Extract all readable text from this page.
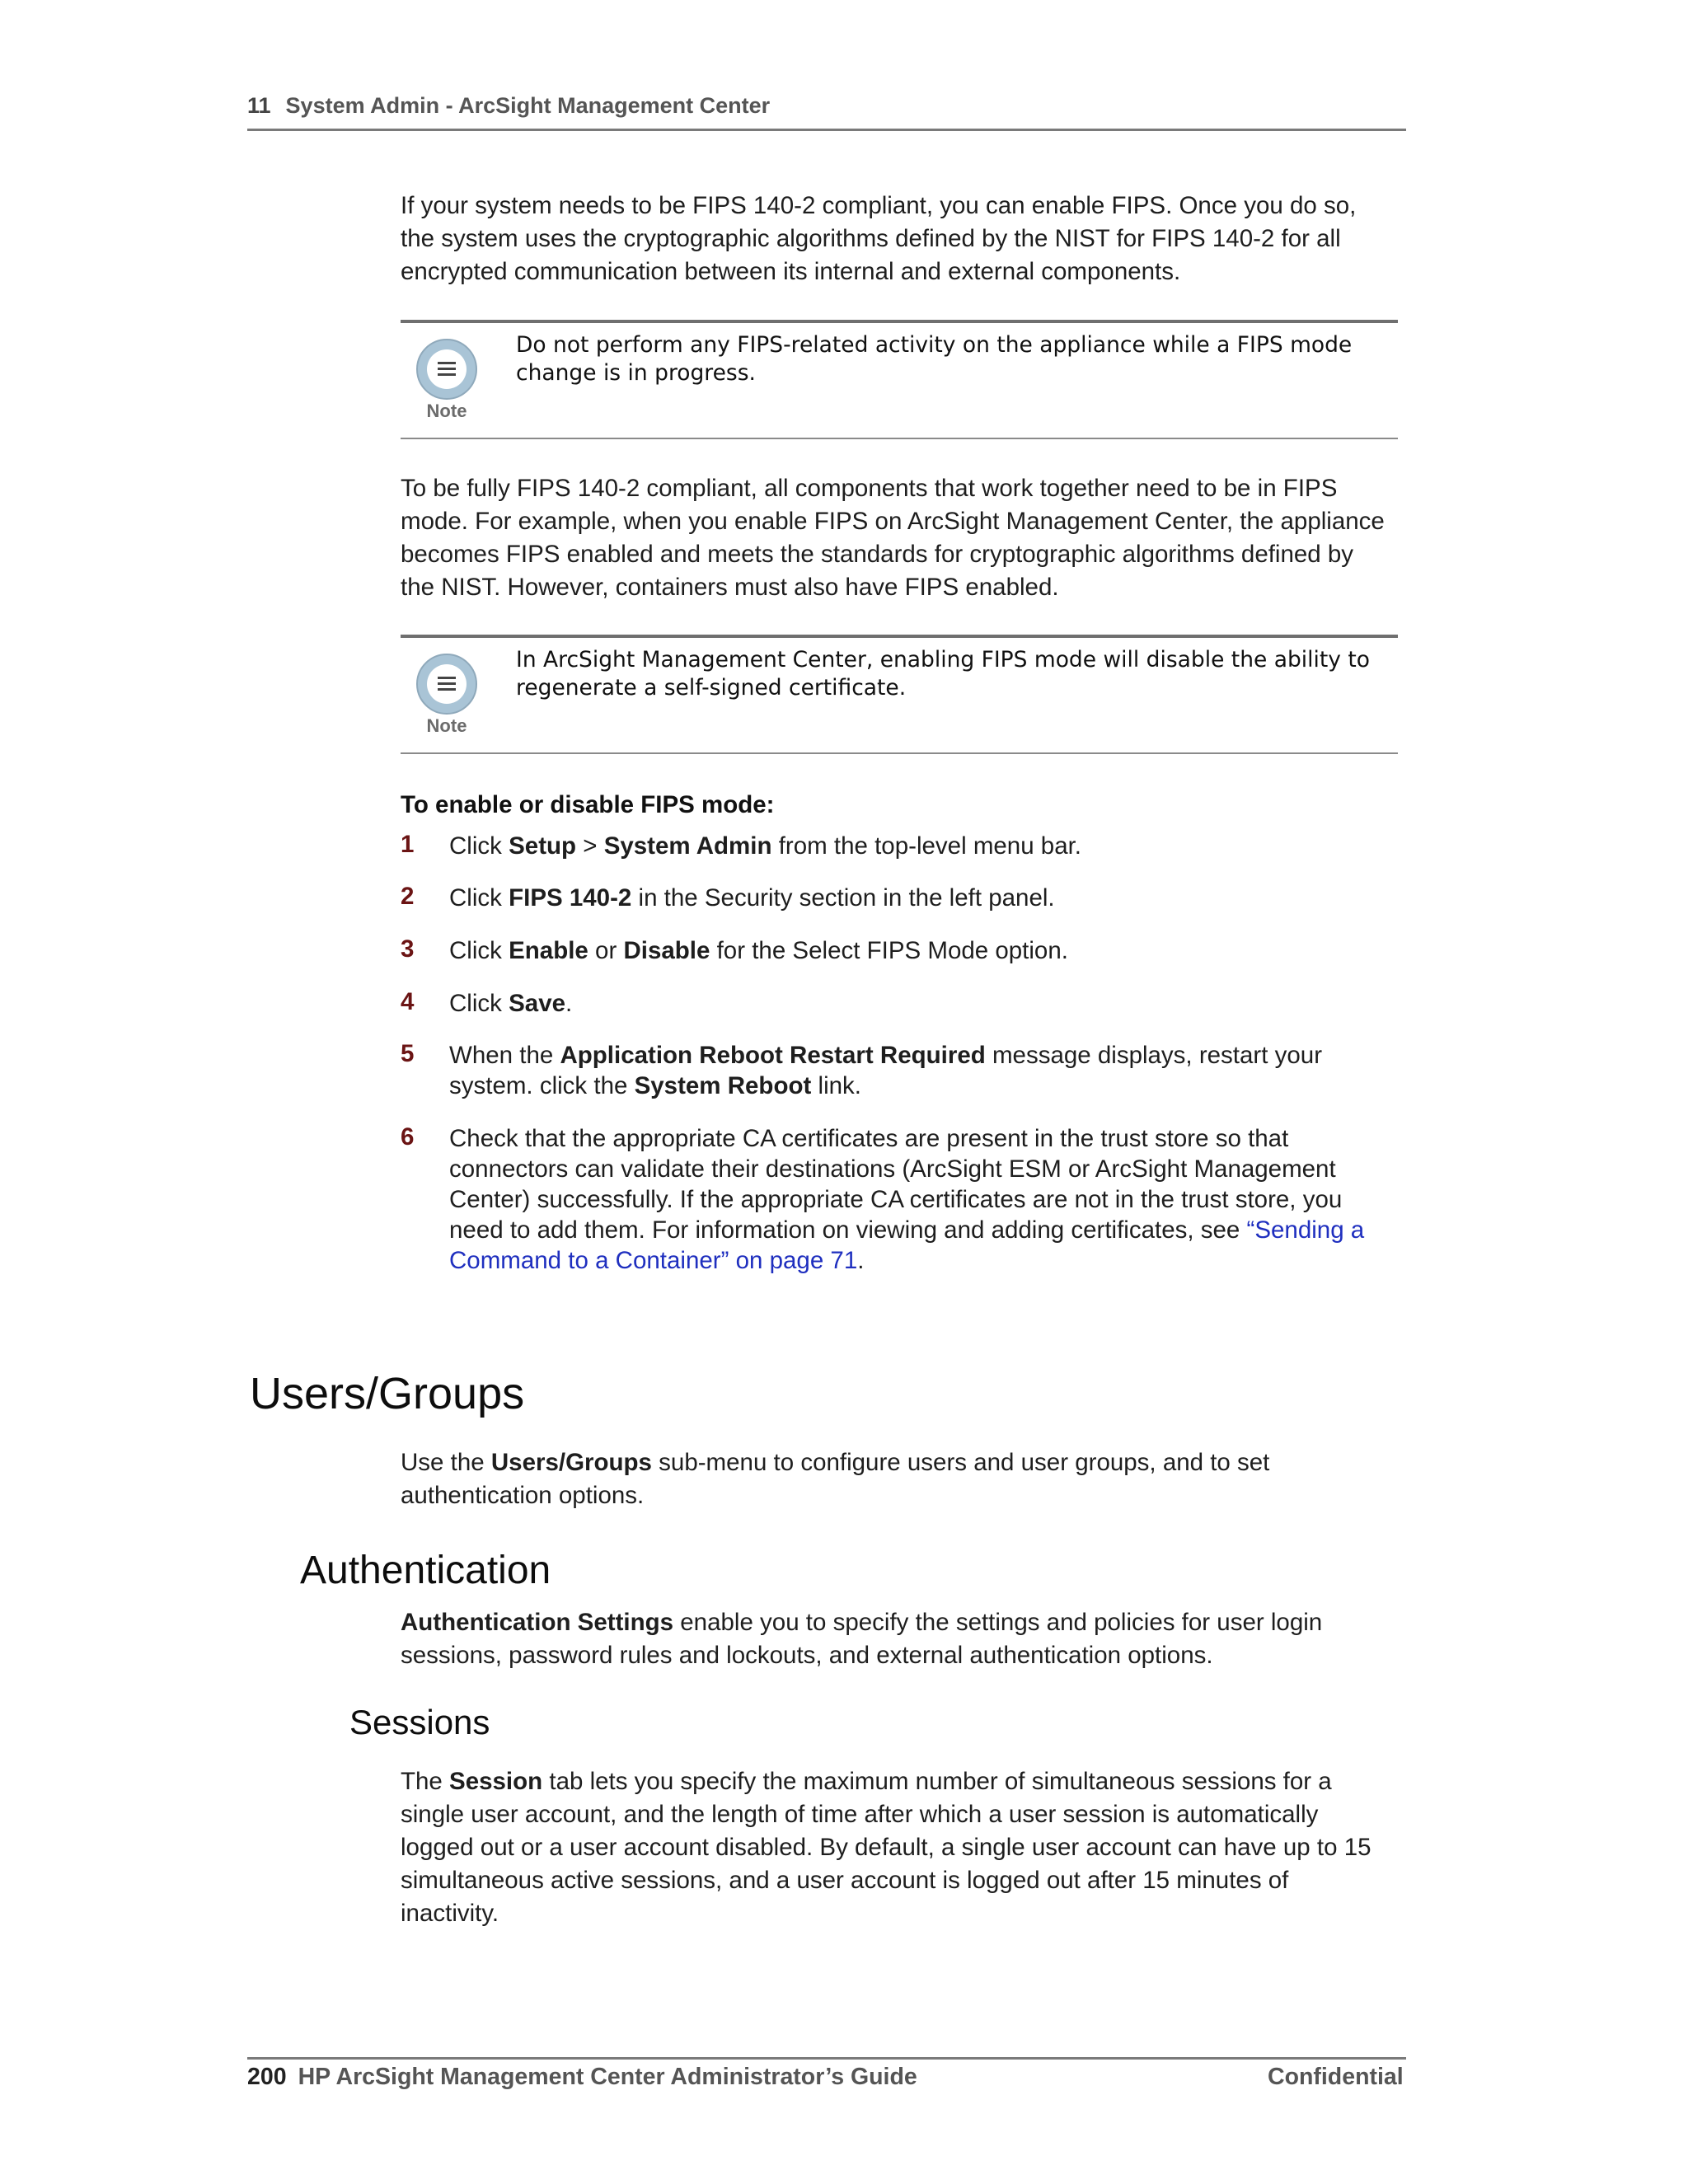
11 System Admin - ArcSight Management Center
If your system needs to be FIPS 140-2 compliant, you can enable FIPS. Once you do so,
the system uses the cryptographic algorithms defined by the NIST for FIPS 140-2 for all
encrypted communication between its internal and external components.
Note
Do not perform any FIPS-related activity on the appliance while a FIPS mode
change is in progress.
To be fully FIPS 140-2 compliant, all components that work together need to be in FIPS
mode. For example, when you enable FIPS on ArcSight Management Center, the appliance
becomes FIPS enabled and meets the standards for cryptographic algorithms defined by
the NIST. However, containers must also have FIPS enabled.
Note
In ArcSight Management Center, enabling FIPS mode will disable the ability to
regenerate a self-signed certificate.
To enable or disable FIPS mode:
1 Click Setup > System Admin from the top-level menu bar.
2 Click FIPS 140-2 in the Security section in the left panel.
3 Click Enable or Disable for the Select FIPS Mode option.
4 Click Save.
5 When the Application Reboot Restart Required message displays, restart your
system. click the System Reboot link.
6 Check that the appropriate CA certificates are present in the trust store so that
connectors can validate their destinations (ArcSight ESM or ArcSight Management
Center) successfully. If the appropriate CA certificates are not in the trust store, you
need to add them. For information on viewing and adding certificates, see “Sending a
Command to a Container” on page 71.
Users/Groups
Use the Users/Groups sub-menu to configure users and user groups, and to set
authentication options.
Authentication
Authentication Settings enable you to specify the settings and policies for user login
sessions, password rules and lockouts, and external authentication options.
Sessions
The Session tab lets you specify the maximum number of simultaneous sessions for a
single user account, and the length of time after which a user session is automatically
logged out or a user account disabled. By default, a single user account can have up to 15
simultaneous active sessions, and a user account is logged out after 15 minutes of
inactivity.
200 HP ArcSight Management Center Administrator’s Guide	Confidential
